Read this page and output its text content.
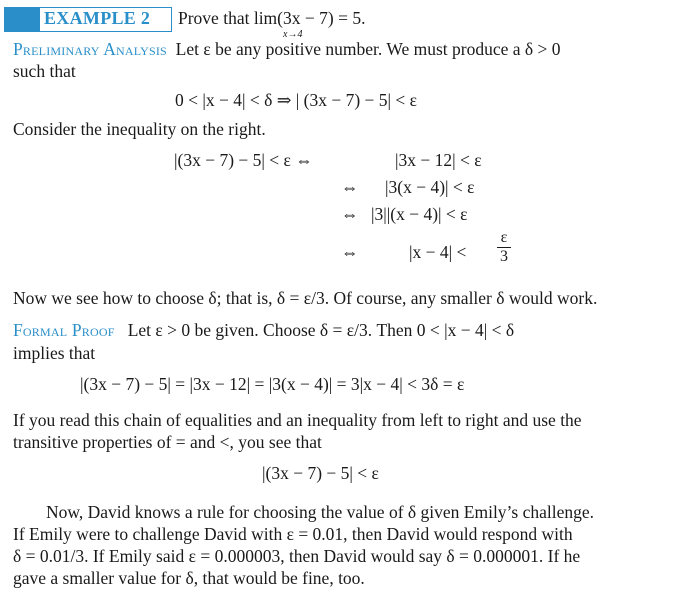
EXAMPLE 2 Prove that lim(3x − 7) = 5.
x→4
Preliminary Analysis Let ε be any positive number. We must produce a δ > 0
such that
0 < |x − 4| < δ ⇒ | (3x − 7) − 5| < ε
Consider the inequality on the right.
|(3x − 7) − 5| < ε ⇔	|3x − 12| < ε
⇔ |3(x − 4)| < ε
⇔ |3||(x − 4)| < ε
⇔	|x − 4| <
ε
3
Now we see how to choose δ; that is, δ = ε/3. Of course, any smaller δ would work.
Formal Proof Let ε > 0 be given. Choose δ = ε/3. Then 0 < |x − 4| < δ
implies that
|(3x − 7) − 5| = |3x − 12| = |3(x − 4)| = 3|x − 4| < 3δ = ε
If you read this chain of equalities and an inequality from left to right and use the
transitive properties of = and <, you see that
|(3x − 7) − 5| < ε
Now, David knows a rule for choosing the value of δ given Emily’s challenge.
If Emily were to challenge David with ε = 0.01, then David would respond with
δ = 0.01/3. If Emily said ε = 0.000003, then David would say δ = 0.000001. If he
gave a smaller value for δ, that would be fine, too.
